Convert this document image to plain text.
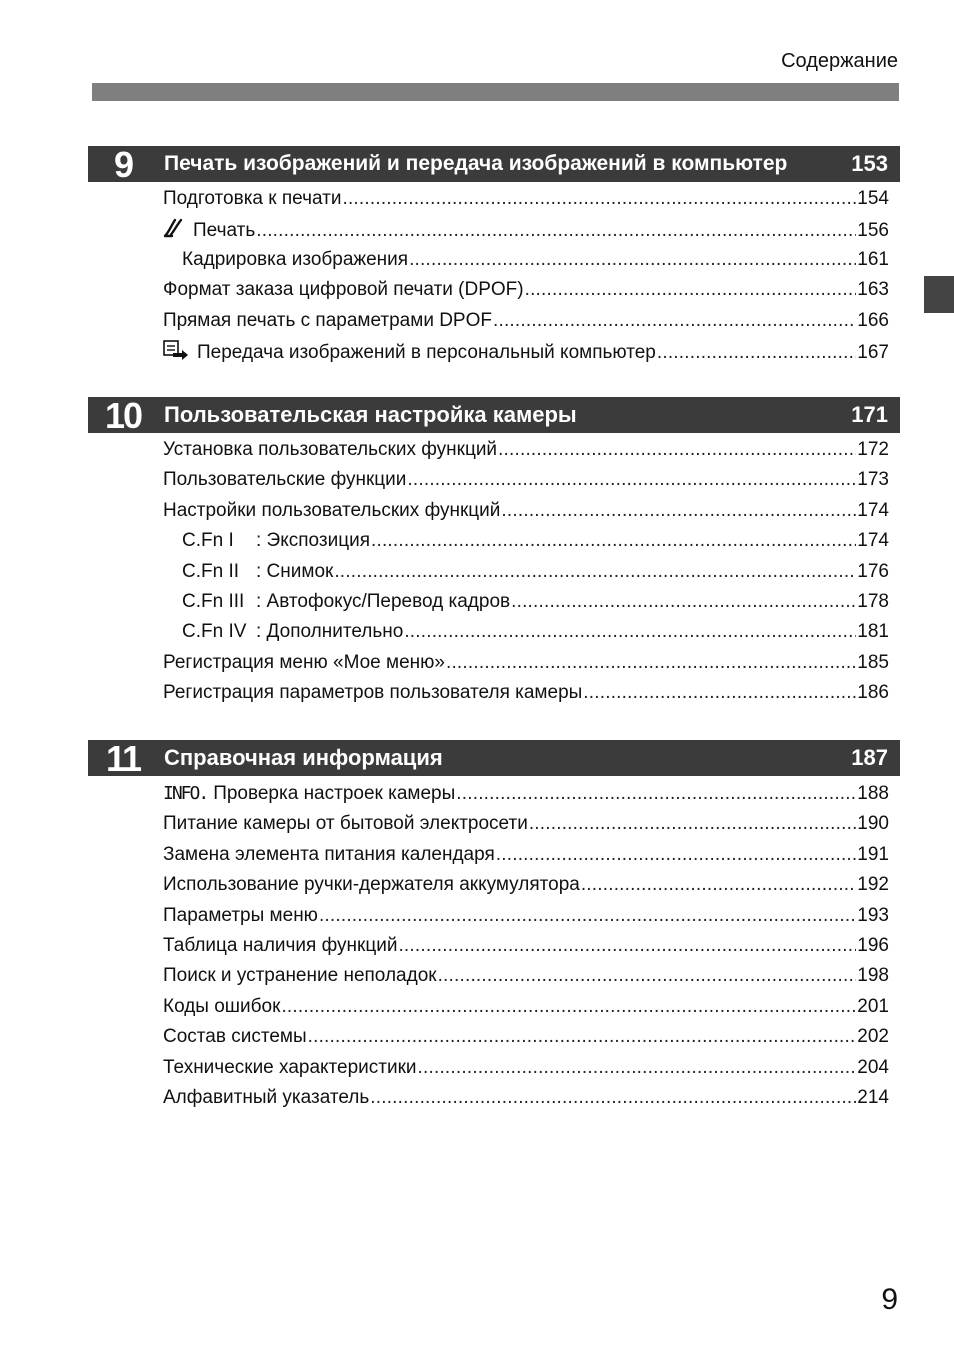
Содержание
9	Печать изображений и передача изображений в компьютер	153
Подготовка к печати .....	154
Печать .....	156
Кадрировка изображения .....	161
Формат заказа цифровой печати (DPOF) .....	163
Прямая печать с параметрами DPOF .....	166
Передача изображений в персональный компьютер .....	167
10	Пользовательская настройка камеры	171
Установка пользовательских функций .....	172
Пользовательские функции .....	173
Настройки пользовательских функций .....	174
C.Fn I : Экспозиция .....	174
C.Fn II : Снимок .....	176
C.Fn III : Автофокус/Перевод кадров .....	178
C.Fn IV : Дополнительно .....	181
Регистрация меню «Мое меню» .....	185
Регистрация параметров пользователя камеры .....	186
11	Справочная информация	187
INFO. Проверка настроек камеры .....	188
Питание камеры от бытовой электросети .....	190
Замена элемента питания календаря .....	191
Использование ручки-держателя аккумулятора .....	192
Параметры меню .....	193
Таблица наличия функций .....	196
Поиск и устранение неполадок .....	198
Коды ошибок .....	201
Состав системы .....	202
Технические характеристики .....	204
Алфавитный указатель .....	214
9
